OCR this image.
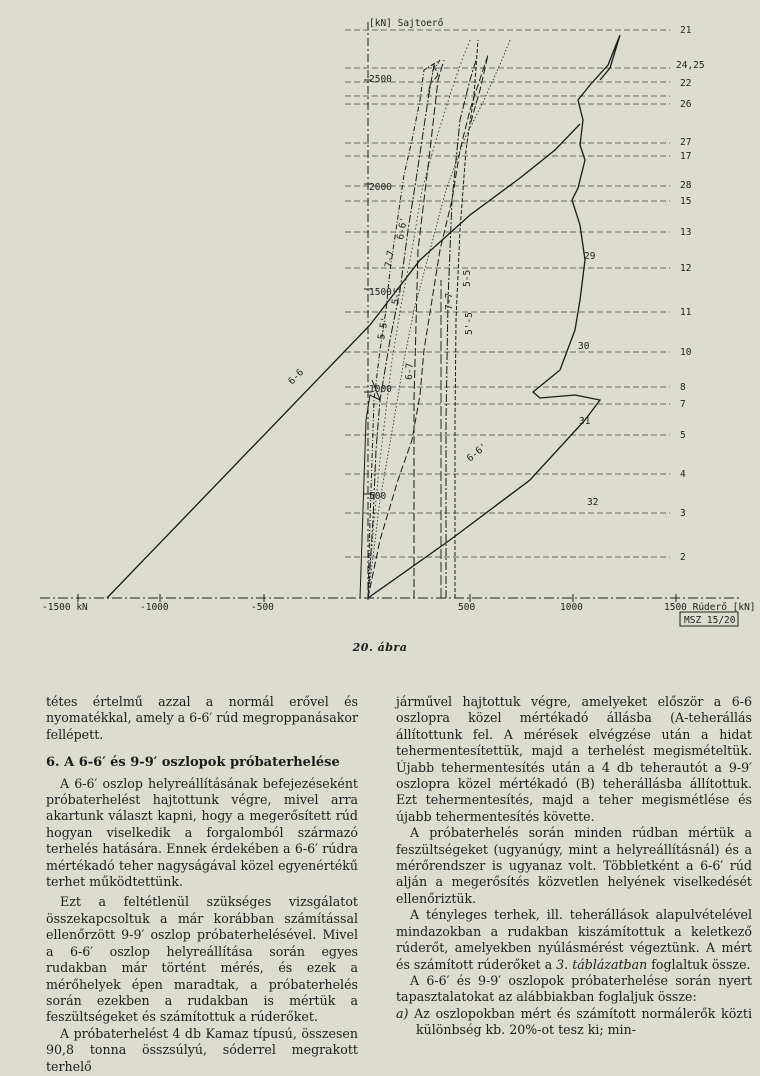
[kN] Sajtoerő
1500 Rúderő [kN]
-1500 kN	-1000	-500	500	1000
MSZ 15/20
2500
2000
1500
1000
500
21
24,25
22
26
27
17
28
15
13
12
11
10
8
7
5
4
3
2
29
30
31
32
6-6
6-6'
6-6'
7-7
5-5
5-5'
6-7
7-7
5-5
5'-5
20. ábra

tétes értelmű azzal a normál erővel és nyomatékkal, amely a 6-6′ rúd megroppanásakor fellépett.

6. A 6-6′ és 9-9′ oszlopok próbaterhelése

A 6-6′ oszlop helyreállításának befejezéseként próbaterhelést hajtottunk végre, mivel arra akartunk választ kapni, hogy a megerősített rúd hogyan viselkedik a forgalomból származó terhelés hatására. Ennek érdekében a 6-6′ rúdra mértékadó teher nagyságával közel egyenértékű terhet működtettünk.

Ezt a feltétlenül szükséges vizsgálatot összekapcsoltuk a már korábban számítással ellenőrzött 9-9′ oszlop próbaterhelésével. Mivel a 6-6′ oszlop helyreállítása során egyes rudakban már történt mérés, és ezek a mérőhelyek épen maradtak, a próbaterhelés során ezekben a rudakban is mértük a feszültségeket és számítottuk a rúderőket.

A próbaterhelést 4 db Kamaz típusú, összesen 90,8 tonna összsúlyú, sóderrel megrakott terhelő

járművel hajtottuk végre, amelyeket először a 6-6 oszlopra közel mértékadó állásba (A-teherállás állítottunk fel. A mérések elvégzése után a hidat tehermentesítettük, majd a terhelést megismételtük. Újabb tehermentesítés után a 4 db teherautót a 9-9′ oszlopra közel mértékadó (B) teherállásba állítottuk. Ezt tehermentesítés, majd a teher megismétlése és újabb tehermentesítés követte.

A próbaterhelés során minden rúdban mértük a feszültségeket (ugyanúgy, mint a helyreállításnál) és a mérőrendszer is ugyanaz volt. Többletként a 6-6′ rúd alján a megerősítés közvetlen helyének viselkedését ellenőriztük.

A tényleges terhek, ill. teherállások alapulvételével mindazokban a rudakban kiszámítottuk a keletkező rúderőt, amelyekben nyúlásmérést végeztünk. A mért és számított rúderőket a 3. táblázatban foglaltuk össze.

A 6-6′ és 9-9′ oszlopok próbaterhelése során nyert tapasztalatokat az alábbiakban foglaljuk össze:

a) Az oszlopokban mért és számított normálerők közti különbség kb. 20%-ot tesz ki; min-
